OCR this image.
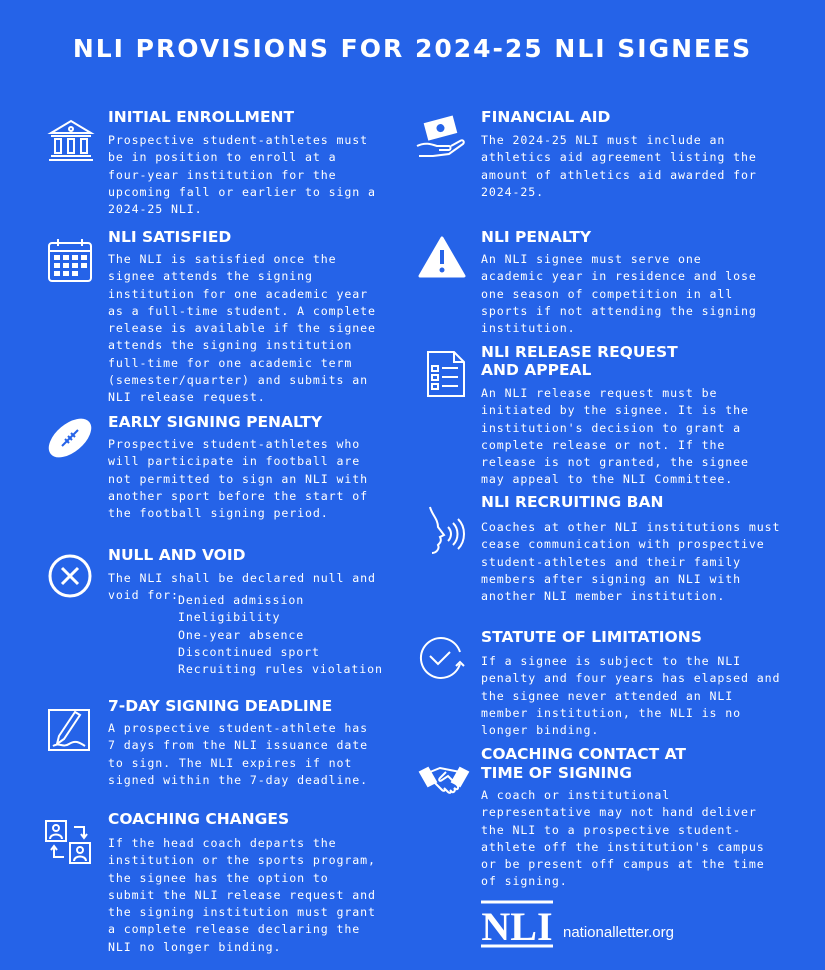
NLI PROVISIONS FOR 2024-25 NLI SIGNEES
INITIAL ENROLLMENT
Prospective student-athletes must be in position to enroll at a four-year institution for the upcoming fall or earlier to sign a 2024-25 NLI.
NLI SATISFIED
The NLI is satisfied once the signee attends the signing institution for one academic year as a full-time student. A complete release is available if the signee attends the signing institution full-time for one academic term (semester/quarter) and submits an NLI release request.
EARLY SIGNING PENALTY
Prospective student-athletes who will participate in football are not permitted to sign an NLI with another sport before the start of the football signing period.
NULL AND VOID
The NLI shall be declared null and
void for: Denied admission
Ineligibility
One-year absence
Discontinued sport
Recruiting rules violation
7-DAY SIGNING DEADLINE
A prospective student-athlete has 7 days from the NLI issuance date to sign. The NLI expires if not signed within the 7-day deadline.
COACHING CHANGES
If the head coach departs the institution or the sports program, the signee has the option to submit the NLI release request and the signing institution must grant a complete release declaring the NLI no longer binding.
FINANCIAL AID
The 2024-25 NLI must include an athletics aid agreement listing the amount of athletics aid awarded for 2024-25.
NLI PENALTY
An NLI signee must serve one academic year in residence and lose one season of competition in all sports if not attending the signing institution.
NLI RELEASE REQUEST
AND APPEAL
An NLI release request must be initiated by the signee. It is the institution's decision to grant a complete release or not. If the release is not granted, the signee may appeal to the NLI Committee.
NLI RECRUITING BAN
Coaches at other NLI institutions must cease communication with prospective student-athletes and their family members after signing an NLI with another NLI member institution.
STATUTE OF LIMITATIONS
If a signee is subject to the NLI penalty and four years has elapsed and the signee never attended an NLI member institution, the NLI is no longer binding.
COACHING CONTACT AT
TIME OF SIGNING
A coach or institutional representative may not hand deliver the NLI to a prospective student-athlete off the institution's campus or be present off campus at the time of signing.
NLI nationalletter.org
